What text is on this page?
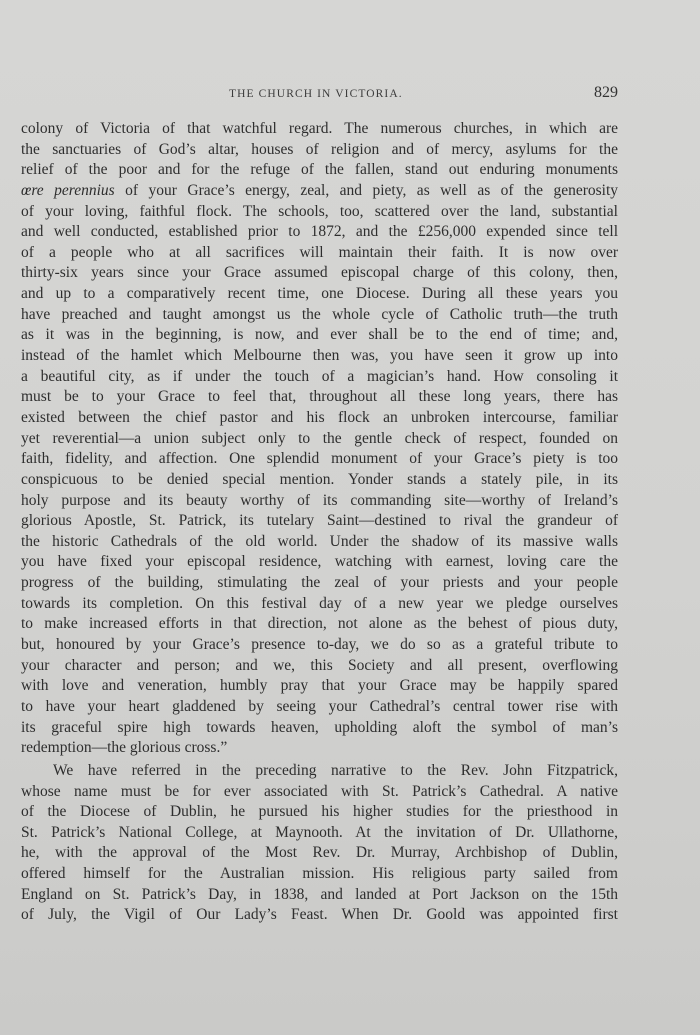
THE CHURCH IN VICTORIA.	829
colony of Victoria of that watchful regard. The numerous churches, in which are
the sanctuaries of God’s altar, houses of religion and of mercy, asylums for the
relief of the poor and for the refuge of the fallen, stand out enduring monuments
œre perennius of your Grace’s energy, zeal, and piety, as well as of the generosity
of your loving, faithful flock. The schools, too, scattered over the land, substantial
and well conducted, established prior to 1872, and the £256,000 expended since tell
of a people who at all sacrifices will maintain their faith. It is now over
thirty-six years since your Grace assumed episcopal charge of this colony, then,
and up to a comparatively recent time, one Diocese. During all these years you
have preached and taught amongst us the whole cycle of Catholic truth—the truth
as it was in the beginning, is now, and ever shall be to the end of time; and,
instead of the hamlet which Melbourne then was, you have seen it grow up into
a beautiful city, as if under the touch of a magician’s hand. How consoling it
must be to your Grace to feel that, throughout all these long years, there has
existed between the chief pastor and his flock an unbroken intercourse, familiar
yet reverential—a union subject only to the gentle check of respect, founded on
faith, fidelity, and affection. One splendid monument of your Grace’s piety is too
conspicuous to be denied special mention. Yonder stands a stately pile, in its
holy purpose and its beauty worthy of its commanding site—worthy of Ireland’s
glorious Apostle, St. Patrick, its tutelary Saint—destined to rival the grandeur of
the historic Cathedrals of the old world. Under the shadow of its massive walls
you have fixed your episcopal residence, watching with earnest, loving care the
progress of the building, stimulating the zeal of your priests and your people
towards its completion. On this festival day of a new year we pledge ourselves
to make increased efforts in that direction, not alone as the behest of pious duty,
but, honoured by your Grace’s presence to-day, we do so as a grateful tribute to
your character and person; and we, this Society and all present, overflowing
with love and veneration, humbly pray that your Grace may be happily spared
to have your heart gladdened by seeing your Cathedral’s central tower rise with
its graceful spire high towards heaven, upholding aloft the symbol of man’s
redemption—the glorious cross.”
We have referred in the preceding narrative to the Rev. John Fitzpatrick,
whose name must be for ever associated with St. Patrick’s Cathedral. A native
of the Diocese of Dublin, he pursued his higher studies for the priesthood in
St. Patrick’s National College, at Maynooth. At the invitation of Dr. Ullathorne,
he, with the approval of the Most Rev. Dr. Murray, Archbishop of Dublin,
offered himself for the Australian mission. His religious party sailed from
England on St. Patrick’s Day, in 1838, and landed at Port Jackson on the 15th
of July, the Vigil of Our Lady’s Feast. When Dr. Goold was appointed first
